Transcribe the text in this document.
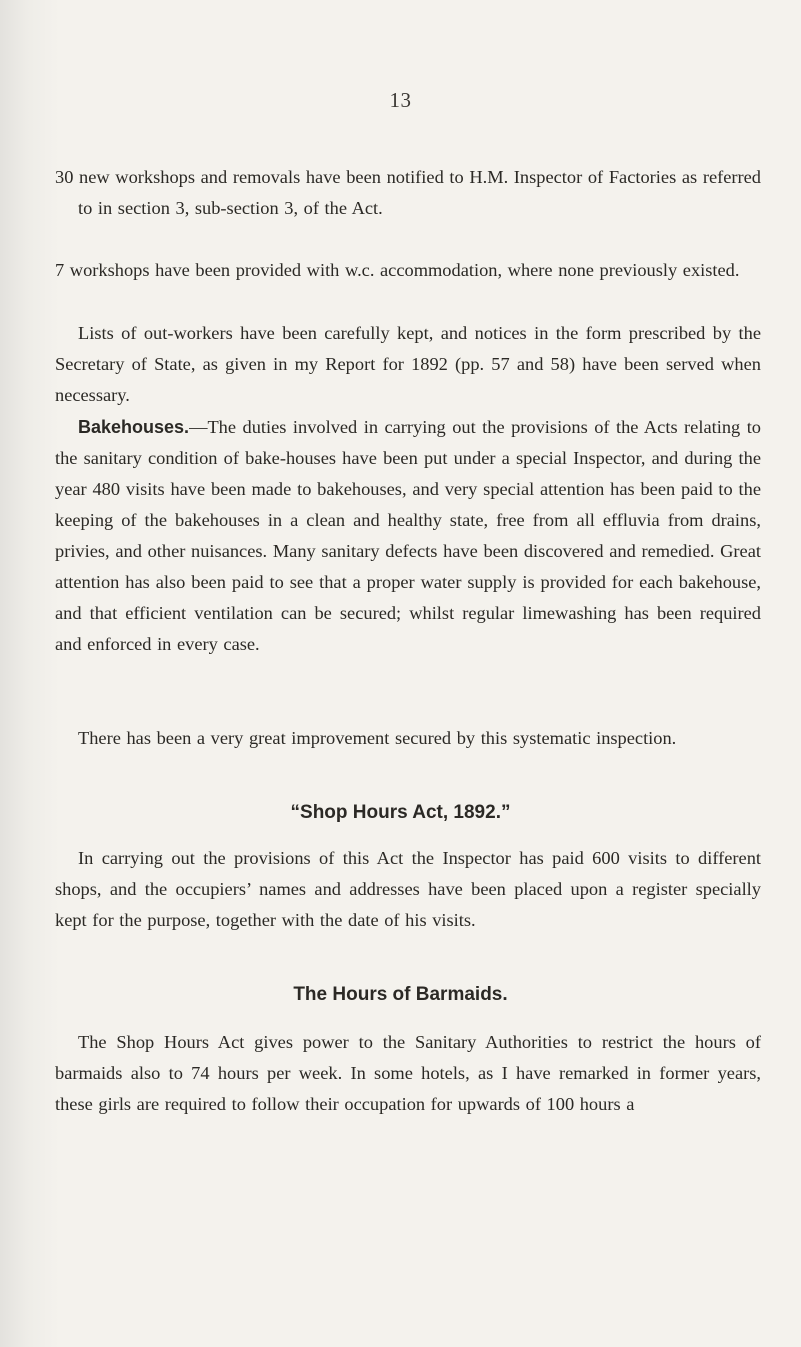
13

30 new workshops and removals have been notified to H.M. Inspector of Factories as referred to in section 3, sub-section 3, of the Act.

7 workshops have been provided with w.c. accommodation, where none previously existed.

Lists of out-workers have been carefully kept, and notices in the form prescribed by the Secretary of State, as given in my Report for 1892 (pp. 57 and 58) have been served when necessary.

Bakehouses.—The duties involved in carrying out the provisions of the Acts relating to the sanitary condition of bake-houses have been put under a special Inspector, and during the year 480 visits have been made to bakehouses, and very special attention has been paid to the keeping of the bakehouses in a clean and healthy state, free from all effluvia from drains, privies, and other nuisances. Many sanitary defects have been discovered and remedied. Great attention has also been paid to see that a proper water supply is provided for each bakehouse, and that efficient ventilation can be secured; whilst regular limewashing has been required and enforced in every case.

There has been a very great improvement secured by this systematic inspection.

“Shop Hours Act, 1892.”

In carrying out the provisions of this Act the Inspector has paid 600 visits to different shops, and the occupiers’ names and addresses have been placed upon a register specially kept for the purpose, together with the date of his visits.

The Hours of Barmaids.

The Shop Hours Act gives power to the Sanitary Authorities to restrict the hours of barmaids also to 74 hours per week. In some hotels, as I have remarked in former years, these girls are required to follow their occupation for upwards of 100 hours a
